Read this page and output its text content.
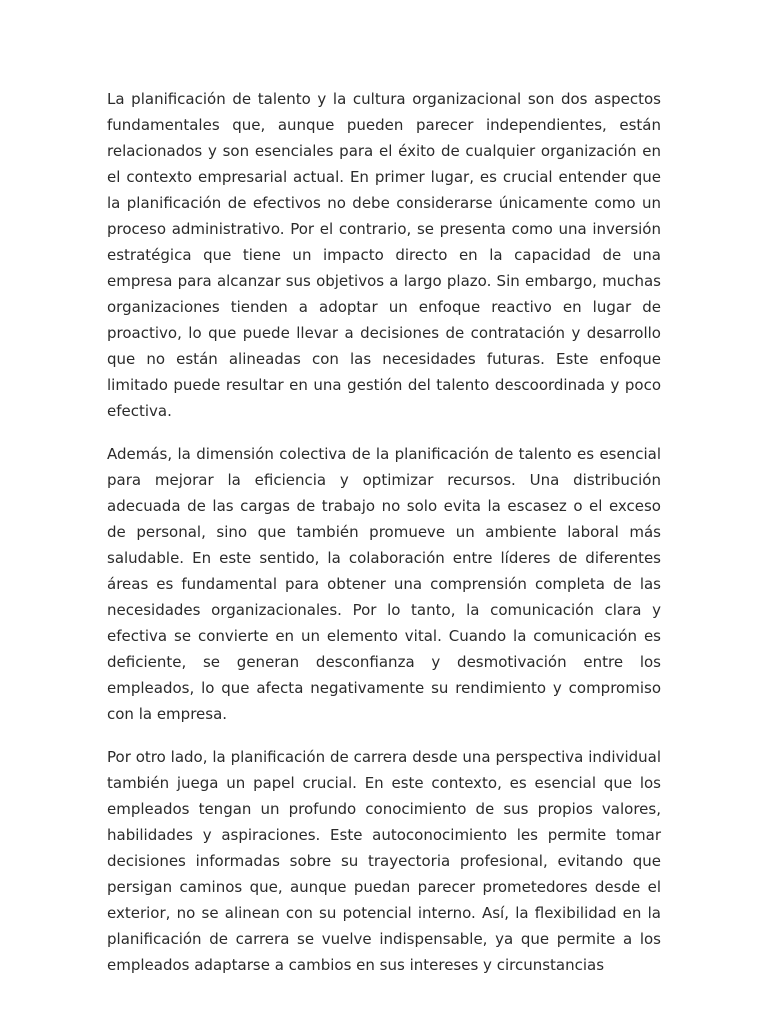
La planificación de talento y la cultura organizacional son dos aspectos fundamentales que, aunque pueden parecer independientes, están relacionados y son esenciales para el éxito de cualquier organización en el contexto empresarial actual. En primer lugar, es crucial entender que la planificación de efectivos no debe considerarse únicamente como un proceso administrativo. Por el contrario, se presenta como una inversión estratégica que tiene un impacto directo en la capacidad de una empresa para alcanzar sus objetivos a largo plazo. Sin embargo, muchas organizaciones tienden a adoptar un enfoque reactivo en lugar de proactivo, lo que puede llevar a decisiones de contratación y desarrollo que no están alineadas con las necesidades futuras. Este enfoque limitado puede resultar en una gestión del talento descoordinada y poco efectiva.

Además, la dimensión colectiva de la planificación de talento es esencial para mejorar la eficiencia y optimizar recursos. Una distribución adecuada de las cargas de trabajo no solo evita la escasez o el exceso de personal, sino que también promueve un ambiente laboral más saludable. En este sentido, la colaboración entre líderes de diferentes áreas es fundamental para obtener una comprensión completa de las necesidades organizacionales. Por lo tanto, la comunicación clara y efectiva se convierte en un elemento vital. Cuando la comunicación es deficiente, se generan desconfianza y desmotivación entre los empleados, lo que afecta negativamente su rendimiento y compromiso con la empresa.

Por otro lado, la planificación de carrera desde una perspectiva individual también juega un papel crucial. En este contexto, es esencial que los empleados tengan un profundo conocimiento de sus propios valores, habilidades y aspiraciones. Este autoconocimiento les permite tomar decisiones informadas sobre su trayectoria profesional, evitando que persigan caminos que, aunque puedan parecer prometedores desde el exterior, no se alinean con su potencial interno. Así, la flexibilidad en la planificación de carrera se vuelve indispensable, ya que permite a los empleados adaptarse a cambios en sus intereses y circunstancias
